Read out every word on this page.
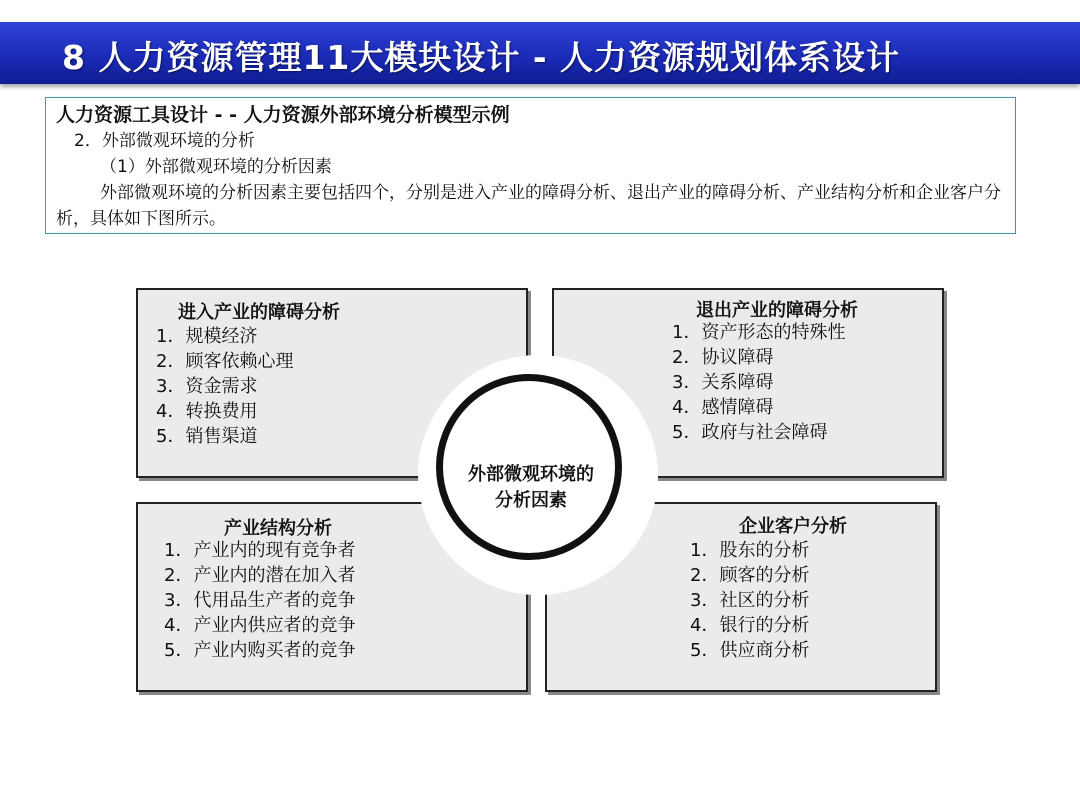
8 人力资源管理11大模块设计 - 人力资源规划体系设计
人力资源工具设计 - - 人力资源外部环境分析模型示例
2．外部微观环境的分析
（1）外部微观环境的分析因素
外部微观环境的分析因素主要包括四个，分别是进入产业的障碍分析、退出产业的障碍分析、产业结构分析和企业客户分析，具体如下图所示。
进入产业的障碍分析
1．规模经济
2．顾客依赖心理
3．资金需求
4．转换费用
5．销售渠道
退出产业的障碍分析
1．资产形态的特殊性
2．协议障碍
3．关系障碍
4．感情障碍
5．政府与社会障碍
产业结构分析
1．产业内的现有竞争者
2．产业内的潜在加入者
3．代用品生产者的竞争
4．产业内供应者的竞争
5．产业内购买者的竞争
企业客户分析
1．股东的分析
2．顾客的分析
3．社区的分析
4．银行的分析
5．供应商分析
外部微观环境的分析因素
